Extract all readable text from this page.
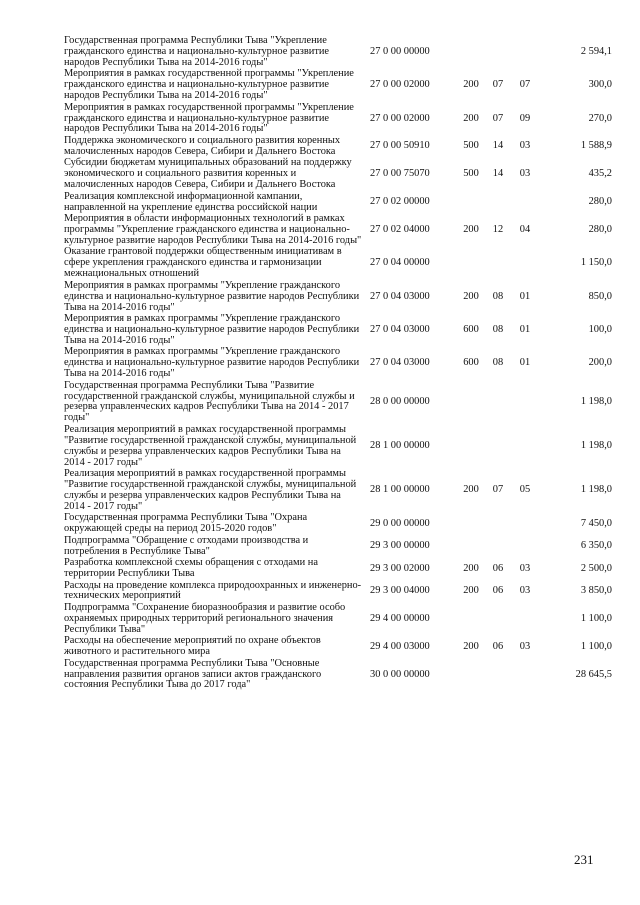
Государственная программа Республики Тыва "Укрепление гражданского единства и национально-культурное развитие народов Республики Тыва на 2014-2016 годы"	27 0 00 00000				2 594,1
Мероприятия в рамках государственной программы "Укрепление гражданского единства и национально-культурное развитие народов Республики Тыва на 2014-2016 годы"	27 0 00 02000	200	07	07	300,0
Мероприятия в рамках государственной программы "Укрепление гражданского единства и национально-культурное развитие народов Республики Тыва на 2014-2016 годы"	27 0 00 02000	200	07	09	270,0
Поддержка экономического и социального развития коренных малочисленных народов Севера, Сибири и Дальнего Востока	27 0 00 50910	500	14	03	1 588,9
Субсидии бюджетам муниципальных образований на поддержку экономического и социального развития коренных и малочисленных народов Севера, Сибири и Дальнего Востока	27 0 00 75070	500	14	03	435,2
Реализация комплексной информационной кампании, направленной на укрепление единства российской нации	27 0 02 00000				280,0
Мероприятия в области информационных технологий в рамках программы "Укрепление гражданского единства и национально-культурное развитие народов Республики Тыва на 2014-2016 годы"	27 0 02 04000	200	12	04	280,0
Оказание грантовой поддержки общественным инициативам в сфере укрепления гражданского единства и гармонизации межнациональных отношений	27 0 04 00000				1 150,0
Мероприятия в рамках программы "Укрепление гражданского единства и национально-культурное развитие народов Республики Тыва на 2014-2016 годы"	27 0 04 03000	200	08	01	850,0
Мероприятия в рамках программы "Укрепление гражданского единства и национально-культурное развитие народов Республики Тыва на 2014-2016 годы"	27 0 04 03000	600	08	01	100,0
Мероприятия в рамках программы "Укрепление гражданского единства и национально-культурное развитие народов Республики Тыва на 2014-2016 годы"	27 0 04 03000	600	08	01	200,0
Государственная программа Республики Тыва "Развитие государственной гражданской службы, муниципальной службы и резерва управленческих кадров Республики Тыва на 2014 - 2017 годы"	28 0 00 00000				1 198,0
Реализация мероприятий в рамках государственной программы "Развитие государственной гражданской службы, муниципальной службы и резерва управленческих кадров Республики Тыва на 2014 - 2017 годы"	28 1 00 00000				1 198,0
Реализация мероприятий в рамках государственной программы "Развитие государственной гражданской службы, муниципальной службы и резерва управленческих кадров Республики Тыва на 2014 - 2017 годы"	28 1 00 00000	200	07	05	1 198,0
Государственная программа Республики Тыва "Охрана окружающей среды на период 2015-2020 годов"	29 0 00 00000				7 450,0
Подпрограмма "Обращение с отходами производства и потребления в Республике Тыва"	29 3 00 00000				6 350,0
Разработка комплексной схемы обращения с отходами на территории Республики Тыва	29 3 00 02000	200	06	03	2 500,0
Расходы на проведение комплекса природоохранных и инженерно-технических мероприятий	29 3 00 04000	200	06	03	3 850,0
Подпрограмма "Сохранение биоразнообразия и развитие особо охраняемых природных территорий регионального значения Республики Тыва"	29 4 00 00000				1 100,0
Расходы на обеспечение мероприятий по охране объектов животного и растительного мира	29 4 00 03000	200	06	03	1 100,0
Государственная программа Республики Тыва "Основные направления развития органов записи актов гражданского состояния Республики Тыва до 2017 года"	30 0 00 00000				28 645,5
231
